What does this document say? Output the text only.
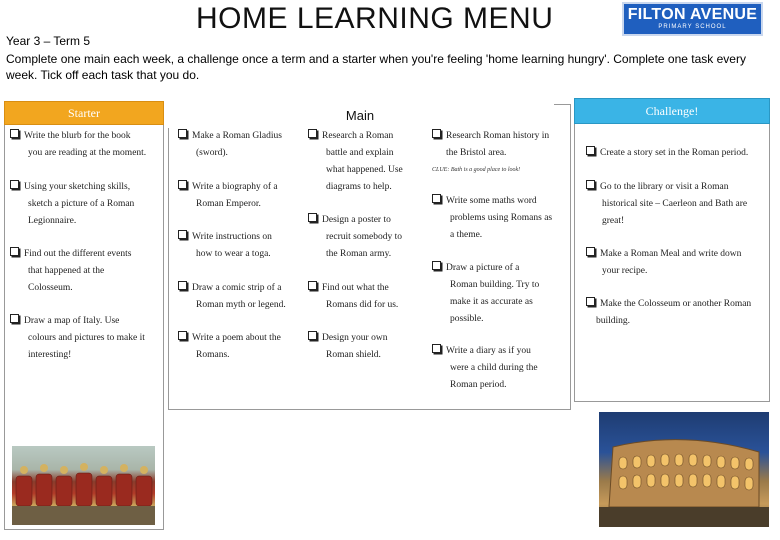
HOME LEARNING MENU	FILTON AVENUE
PRIMARY SCHOOL
Year 3 – Term 5
Complete one main each week, a challenge once a term and a starter when you're feeling 'home learning hungry'. Complete one task every week. Tick off each task that you do.
Starter	Main	Challenge!
Write the blurb for the book
you are reading at the moment.
Using your sketching skills,
sketch a picture of a Roman
Legionnaire.
Find out the different events
that happened at the
Colosseum.
Draw a map of Italy. Use
colours and pictures to make it
interesting!
Make a Roman Gladius
(sword).
Write a biography of a
Roman Emperor.
Write instructions on
how to wear a toga.
Draw a comic strip of a
Roman myth or legend.
Write a poem about the
Romans.
Research a Roman
battle and explain
what happened. Use
diagrams to help.
Design a poster to
recruit somebody to
the Roman army.
Find out what the
Romans did for us.
Design your own
Roman shield.
Research Roman history in
the Bristol area.
CLUE: Bath is a good place to look!
Write some maths word
problems using Romans as
a theme.
Draw a picture of a
Roman building. Try to
make it as accurate as
possible.
Write a diary as if you
were a child during the
Roman period.
Create a story set in the Roman period.
Go to the library or visit a Roman
historical site – Caerleon and Bath are
great!
Make a Roman Meal and write down
your recipe.
Make the Colosseum or another Roman
building.
